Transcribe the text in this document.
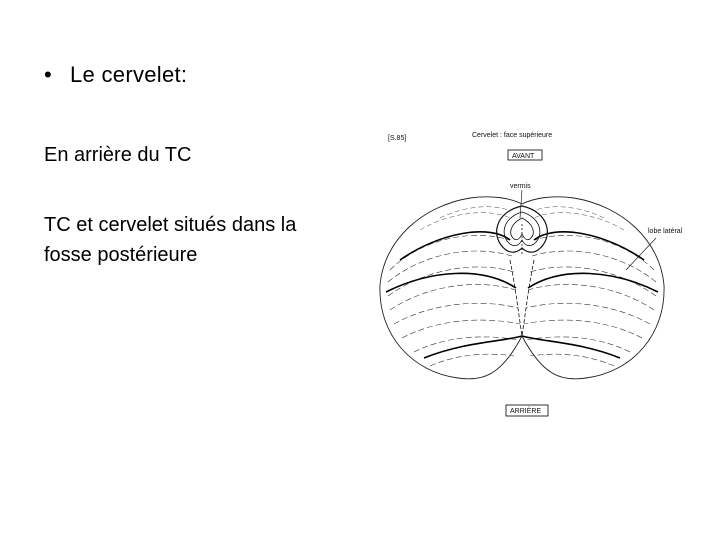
• Le cervelet:
En arrière du TC
TC et cervelet situés dans la
fosse postérieure
[S.85]	Cervelet : face supérieure
AVANT
vermis
lobe latéral
ARRIÈRE
